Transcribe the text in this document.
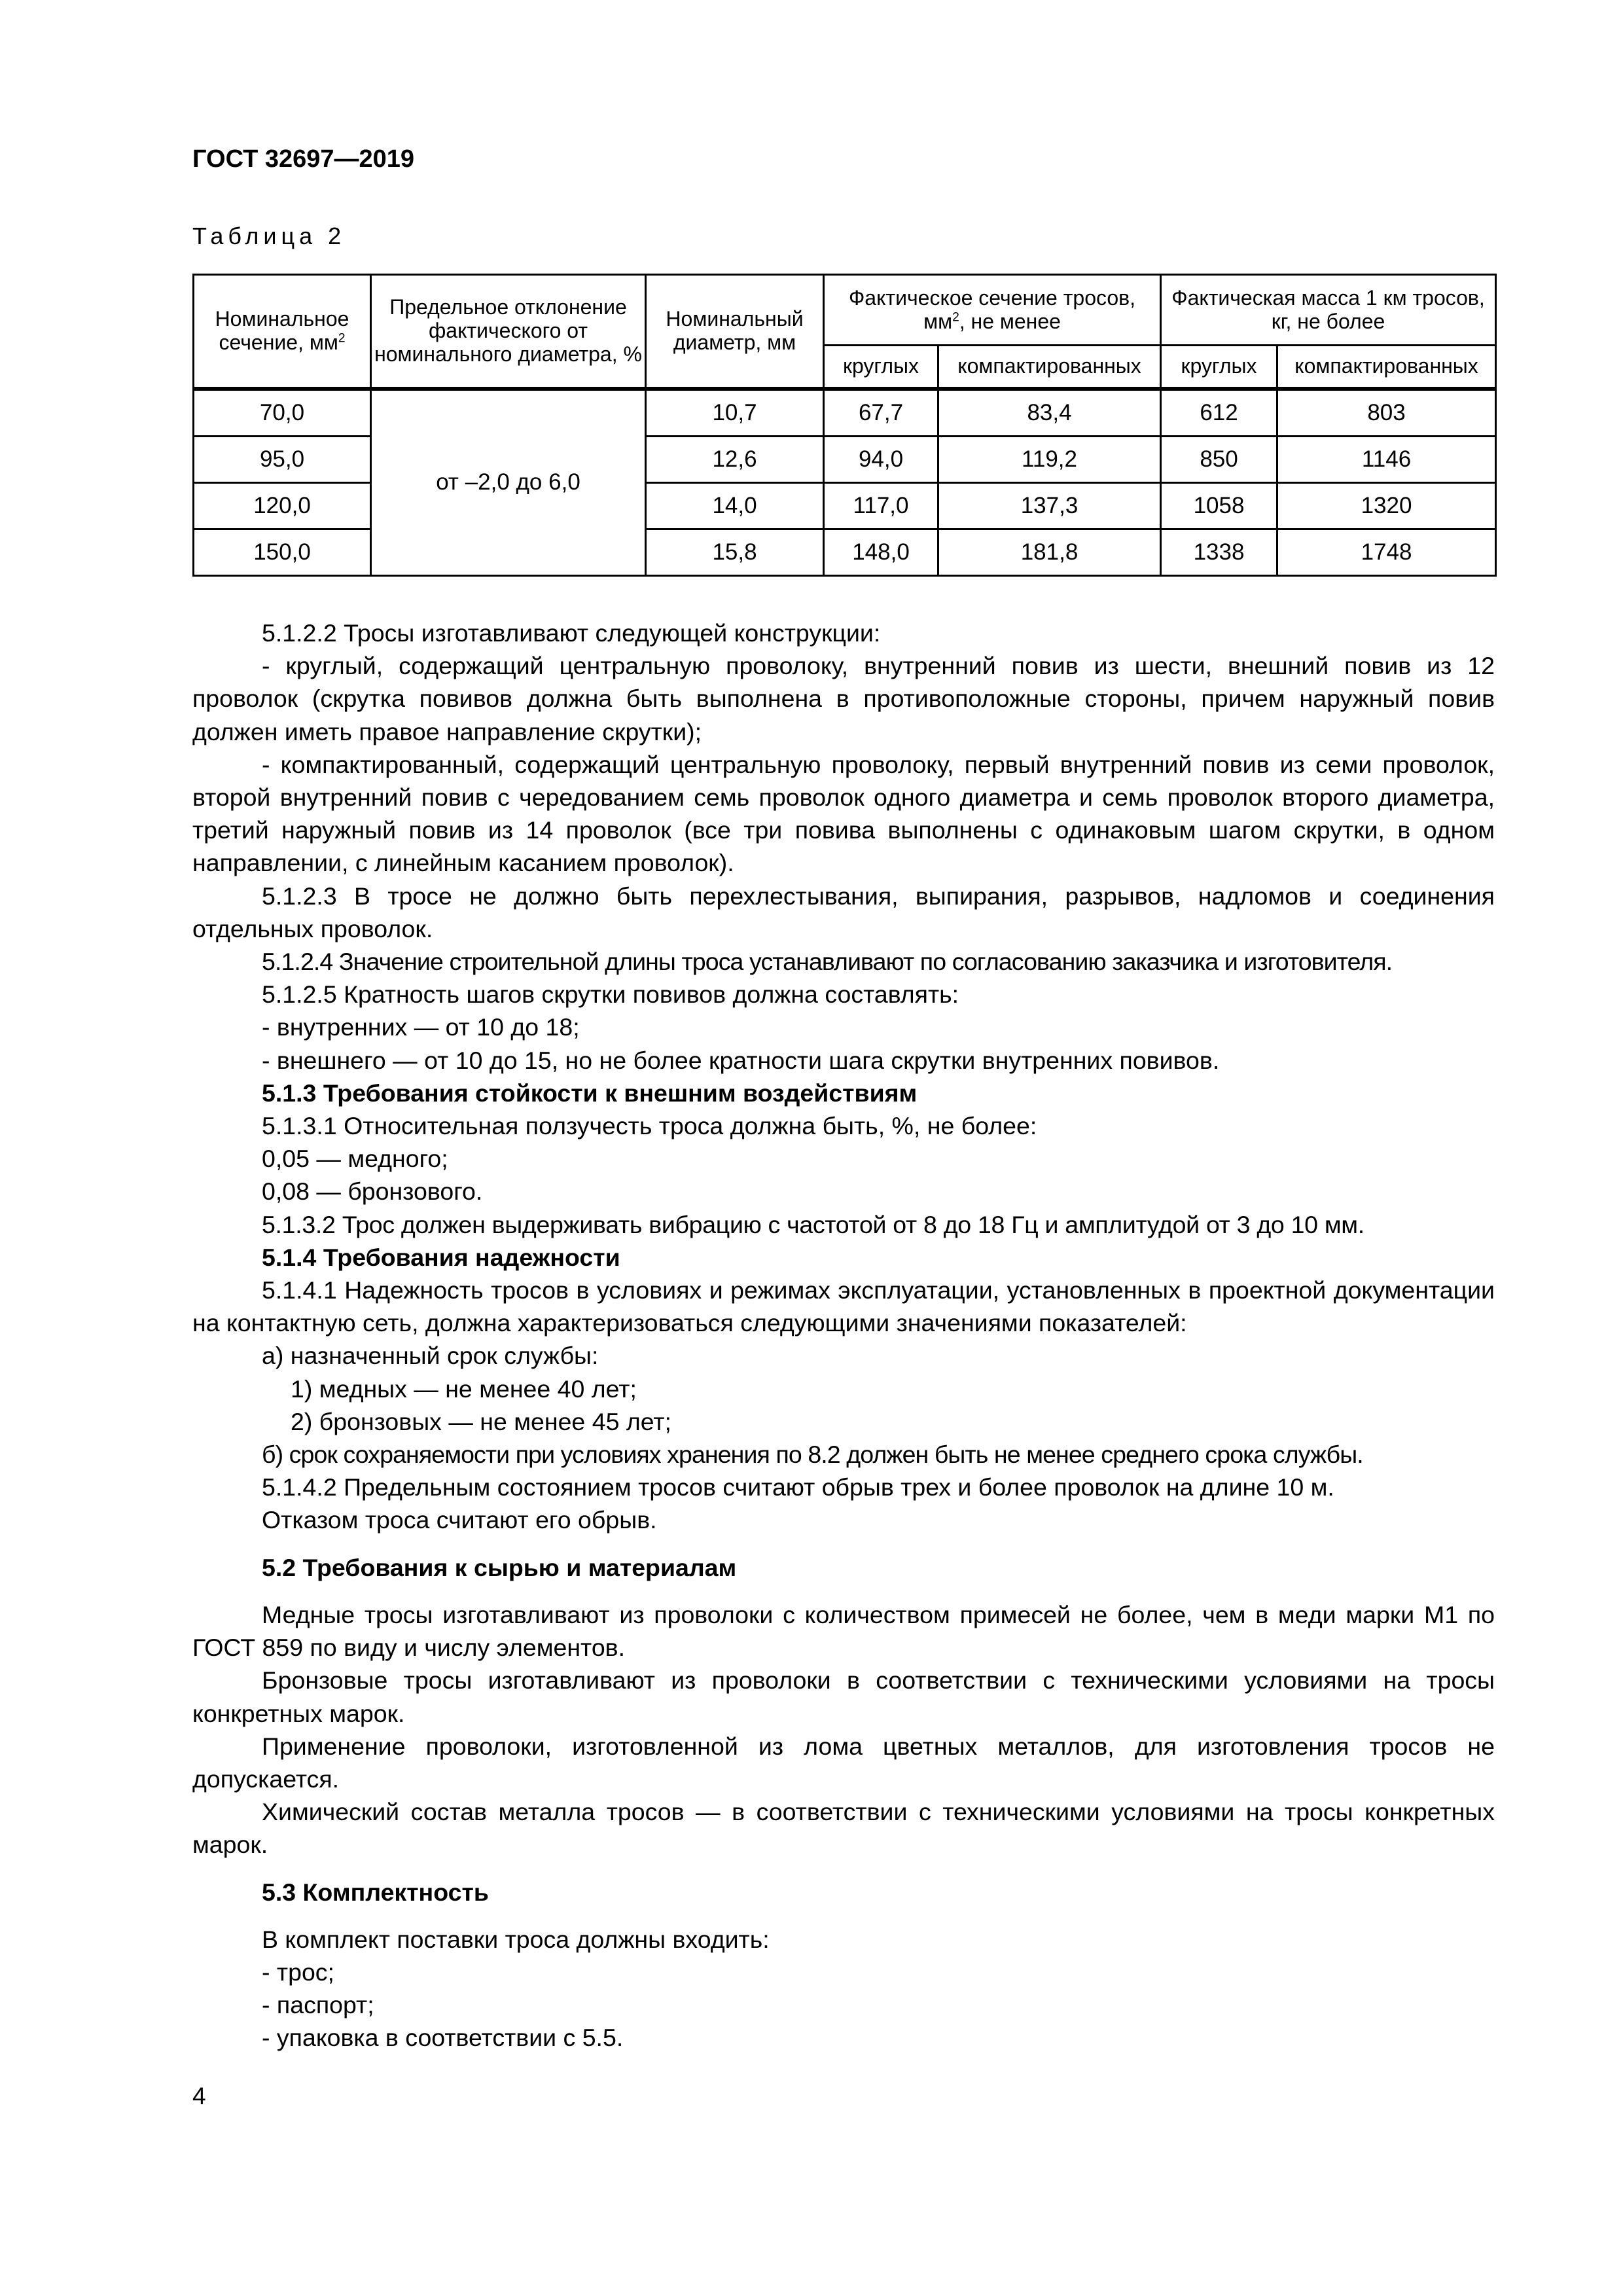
ГОСТ 32697—2019
Таблица 2
Номинальное сечение, $мм^2$	Предельное отклонение фактического от номинального диаметра, %	Номинальный диаметр, мм	Фактическое сечение тросов, $мм^2$, не менее		Фактическая масса 1 км тросов, кг, не более	
			круглых	компактированных	круглых	компактированных
70,0	от –2,0 до 6,0	10,7	67,7	83,4	612	803
95,0		12,6	94,0	119,2	850	1146
120,0		14,0	117,0	137,3	1058	1320
150,0		15,8	148,0	181,8	1338	1748

5.1.2.2 Тросы изготавливают следующей конструкции:

- круглый, содержащий центральную проволоку, внутренний повив из шести, внешний повив из 12 проволок (скрутка повивов должна быть выполнена в противоположные стороны, причем наружный повив должен иметь правое направление скрутки);

- компактированный, содержащий центральную проволоку, первый внутренний повив из семи проволок, второй внутренний повив с чередованием семь проволок одного диаметра и семь проволок второго диаметра, третий наружный повив из 14 проволок (все три повива выполнены с одинаковым шагом скрутки, в одном направлении, с линейным касанием проволок).

5.1.2.3 В тросе не должно быть перехлестывания, выпирания, разрывов, надломов и соединения отдельных проволок.

5.1.2.4 Значение строительной длины троса устанавливают по согласованию заказчика и изготовителя.

5.1.2.5 Кратность шагов скрутки повивов должна составлять:

- внутренних — от 10 до 18;

- внешнего — от 10 до 15, но не более кратности шага скрутки внутренних повивов.

5.1.3 Требования стойкости к внешним воздействиям

5.1.3.1 Относительная ползучесть троса должна быть, %, не более:

0,05 — медного;

0,08 — бронзового.

5.1.3.2 Трос должен выдерживать вибрацию с частотой от 8 до 18 Гц и амплитудой от 3 до 10 мм.

5.1.4 Требования надежности

5.1.4.1 Надежность тросов в условиях и режимах эксплуатации, установленных в проектной документации на контактную сеть, должна характеризоваться следующими значениями показателей:

а) назначенный срок службы:

1) медных — не менее 40 лет;

2) бронзовых — не менее 45 лет;

б) срок сохраняемости при условиях хранения по 8.2 должен быть не менее среднего срока службы.

5.1.4.2 Предельным состоянием тросов считают обрыв трех и более проволок на длине 10 м.

Отказом троса считают его обрыв.

5.2 Требования к сырью и материалам

Медные тросы изготавливают из проволоки с количеством примесей не более, чем в меди марки М1 по ГОСТ 859 по виду и числу элементов.

Бронзовые тросы изготавливают из проволоки в соответствии с техническими условиями на тросы конкретных марок.

Применение проволоки, изготовленной из лома цветных металлов, для изготовления тросов не допускается.

Химический состав металла тросов — в соответствии с техническими условиями на тросы конкретных марок.

5.3 Комплектность

В комплект поставки троса должны входить:

- трос;

- паспорт;

- упаковка в соответствии с 5.5.

4
